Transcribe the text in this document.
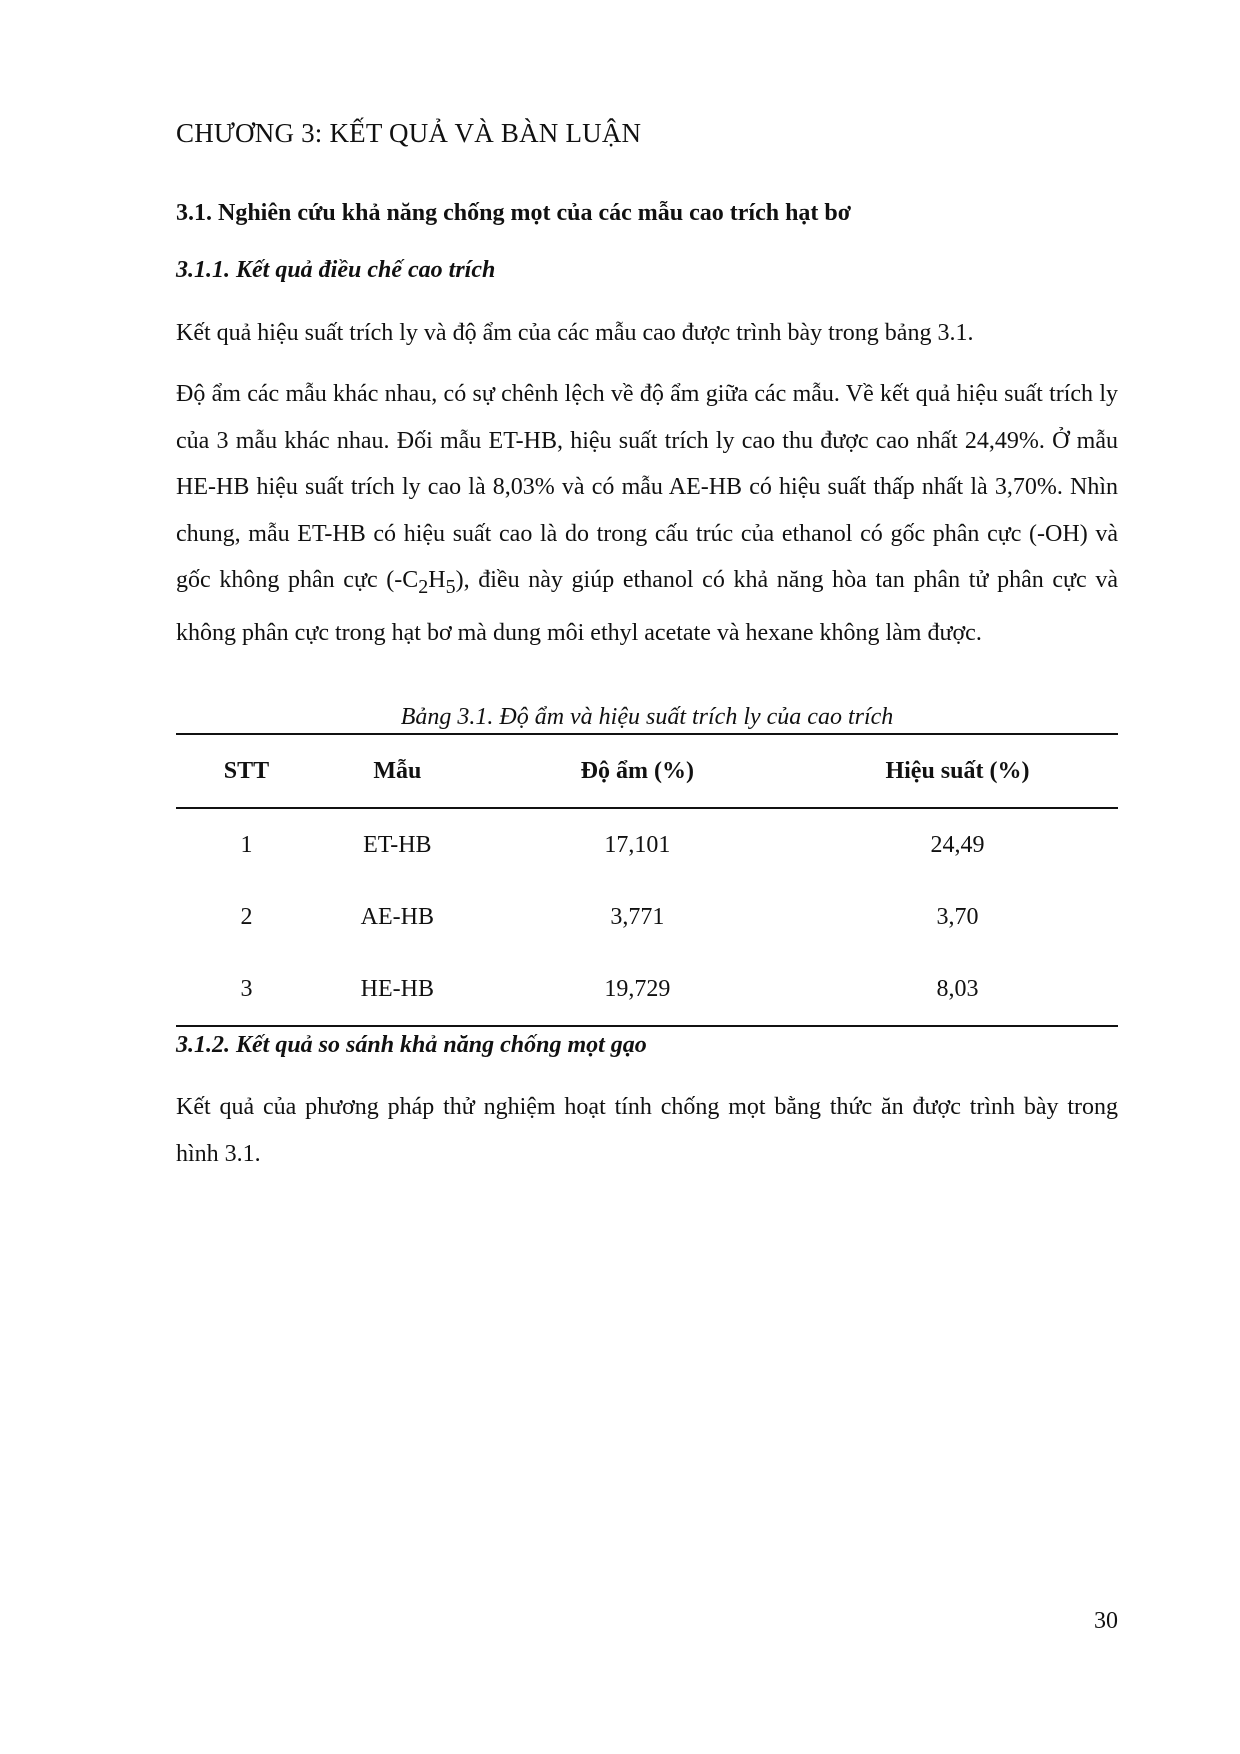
CHƯƠNG 3: KẾT QUẢ VÀ BÀN LUẬN
3.1. Nghiên cứu khả năng chống mọt của các mẫu cao trích hạt bơ
3.1.1. Kết quả điều chế cao trích
Kết quả hiệu suất trích ly và độ ẩm của các mẫu cao được trình bày trong bảng 3.1.
Độ ẩm các mẫu khác nhau, có sự chênh lệch về độ ẩm giữa các mẫu. Về kết quả hiệu suất trích ly của 3 mẫu khác nhau. Đối mẫu ET-HB, hiệu suất trích ly cao thu được cao nhất 24,49%. Ở mẫu HE-HB hiệu suất trích ly cao là 8,03% và có mẫu AE-HB có hiệu suất thấp nhất là 3,70%. Nhìn chung, mẫu ET-HB có hiệu suất cao là do trong cấu trúc của ethanol có gốc phân cực (-OH) và gốc không phân cực $(-C_2H_5)$, điều này giúp ethanol có khả năng hòa tan phân tử phân cực và không phân cực trong hạt bơ mà dung môi ethyl acetate và hexane không làm được.
Bảng 3.1. Độ ẩm và hiệu suất trích ly của cao trích
STT	Mẫu	Độ ẩm (%)	Hiệu suất (%)
1	ET-HB	17,101	24,49
2	AE-HB	3,771	3,70
3	HE-HB	19,729	8,03
3.1.2. Kết quả so sánh khả năng chống mọt gạo
Kết quả của phương pháp thử nghiệm hoạt tính chống mọt bằng thức ăn được trình bày trong hình 3.1.
30
